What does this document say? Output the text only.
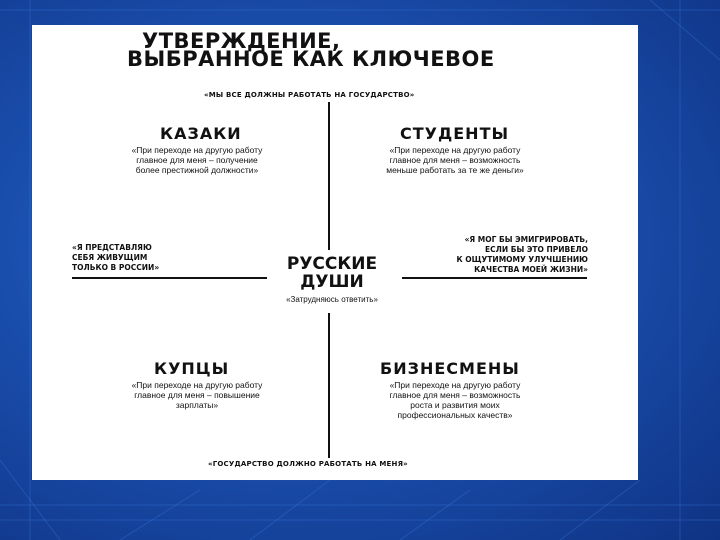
УТВЕРЖДЕНИЕ,
ВЫБРАННОЕ КАК КЛЮЧЕВОЕ
«МЫ ВСЕ ДОЛЖНЫ РАБОТАТЬ НА ГОСУДАРСТВО»
КАЗАКИ
«При переходе на другую работу
главное для меня – получение
более престижной должности»
СТУДЕНТЫ
«При переходе на другую работу
главное для меня – возможность
меньше работать за те же деньги»
«Я ПРЕДСТАВЛЯЮ
СЕБЯ ЖИВУЩИМ
ТОЛЬКО В РОССИИ»
«Я МОГ БЫ ЭМИГРИРОВАТЬ,
ЕСЛИ БЫ ЭТО ПРИВЕЛО
К ОЩУТИМОМУ УЛУЧШЕНИЮ
КАЧЕСТВА МОЕЙ ЖИЗНИ»
РУССКИЕ
ДУШИ
«Затрудняюсь ответить»
КУПЦЫ
«При переходе на другую работу
главное для меня – повышение
зарплаты»
БИЗНЕСМЕНЫ
«При переходе на другую работу
главное для меня – возможность
роста и развития моих
профессиональных качеств»
«ГОСУДАРСТВО ДОЛЖНО РАБОТАТЬ НА МЕНЯ»
